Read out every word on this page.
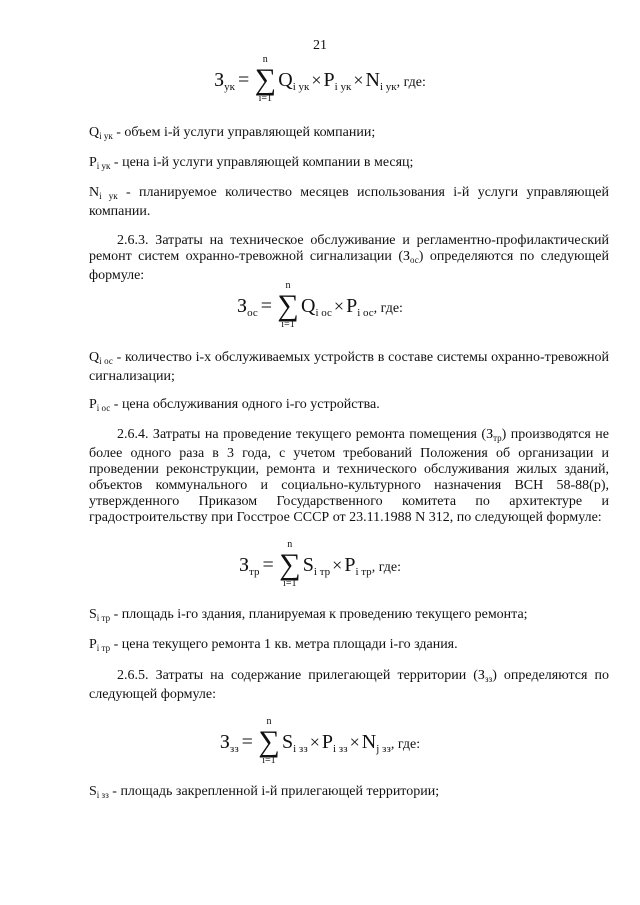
21
$З_{ук}$ =
n
∑
i=1
$Q_{i ук} \times P_{i ук} \times N_{i ук}$, где:
$Q_{i ук}$ - объем i-й услуги управляющей компании;
$P_{i ук}$ - цена i-й услуги управляющей компании в месяц;
$N_{i ук}$ - планируемое количество месяцев использования i-й услуги управляющей компании.
2.6.3. Затраты на техническое обслуживание и регламентно-профилактический ремонт систем охранно-тревожной сигнализации $(З_{ос})$ определяются по следующей формуле:
$З_{ос}$ =
n
∑
i=1
$Q_{i ос} \times P_{i ос}$, где:
$Q_{i ос}$ - количество i-х обслуживаемых устройств в составе системы охранно-тревожной сигнализации;
$P_{i ос}$ - цена обслуживания одного i-го устройства.
2.6.4. Затраты на проведение текущего ремонта помещения $(З_{тр})$ производятся не более одного раза в 3 года, с учетом требований Положения об организации и проведении реконструкции, ремонта и технического обслуживания жилых зданий, объектов коммунального и социально-культурного назначения ВСН 58-88(р), утвержденного Приказом Государственного комитета по архитектуре и градостроительству при Госстрое СССР от 23.11.1988 N 312, по следующей формуле:
$З_{тр}$ =
n
∑
i=1
$S_{i тр} \times P_{i тр}$, где:
$S_{i тр}$ - площадь i-го здания, планируемая к проведению текущего ремонта;
$P_{i тр}$ - цена текущего ремонта 1 кв. метра площади i-го здания.
2.6.5. Затраты на содержание прилегающей территории $(З_{зз})$ определяются по следующей формуле:
$З_{зз}$ =
n
∑
i=1
$S_{i зз} \times P_{i зз} \times N_{j зз}$, где:
$S_{i зз}$ - площадь закрепленной i-й прилегающей территории;
